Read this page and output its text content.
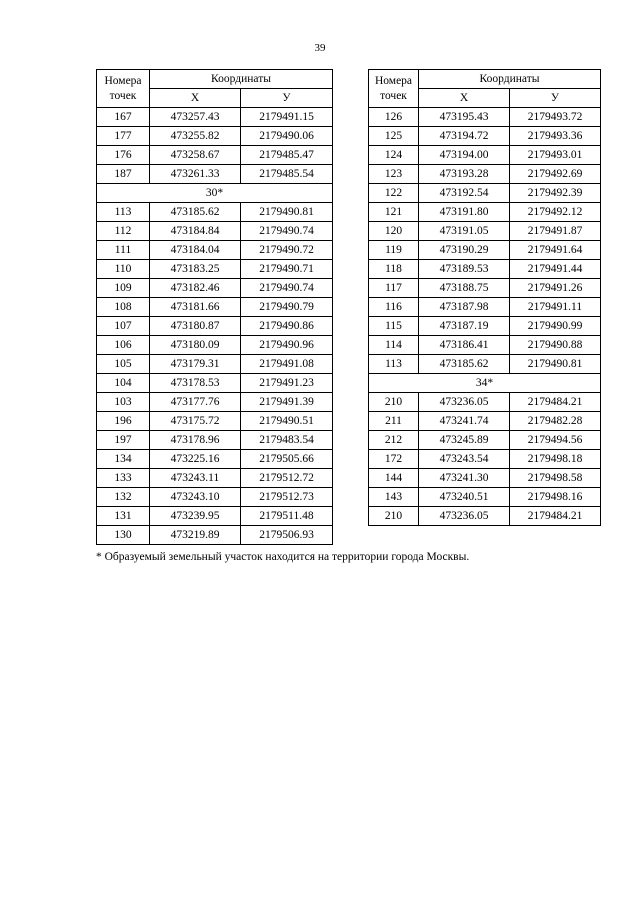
39
Номера
точек	Координаты	
	Х	У
167	473257.43	2179491.15
177	473255.82	2179490.06
176	473258.67	2179485.47
187	473261.33	2179485.54
30*		
113	473185.62	2179490.81
112	473184.84	2179490.74
111	473184.04	2179490.72
110	473183.25	2179490.71
109	473182.46	2179490.74
108	473181.66	2179490.79
107	473180.87	2179490.86
106	473180.09	2179490.96
105	473179.31	2179491.08
104	473178.53	2179491.23
103	473177.76	2179491.39
196	473175.72	2179490.51
197	473178.96	2179483.54
134	473225.16	2179505.66
133	473243.11	2179512.72
132	473243.10	2179512.73
131	473239.95	2179511.48
130	473219.89	2179506.93
Номера
точек	Координаты	
	Х	У
126	473195.43	2179493.72
125	473194.72	2179493.36
124	473194.00	2179493.01
123	473193.28	2179492.69
122	473192.54	2179492.39
121	473191.80	2179492.12
120	473191.05	2179491.87
119	473190.29	2179491.64
118	473189.53	2179491.44
117	473188.75	2179491.26
116	473187.98	2179491.11
115	473187.19	2179490.99
114	473186.41	2179490.88
113	473185.62	2179490.81
34*		
210	473236.05	2179484.21
211	473241.74	2179482.28
212	473245.89	2179494.56
172	473243.54	2179498.18
144	473241.30	2179498.58
143	473240.51	2179498.16
210	473236.05	2179484.21
* Образуемый земельный участок находится на территории города Москвы.
